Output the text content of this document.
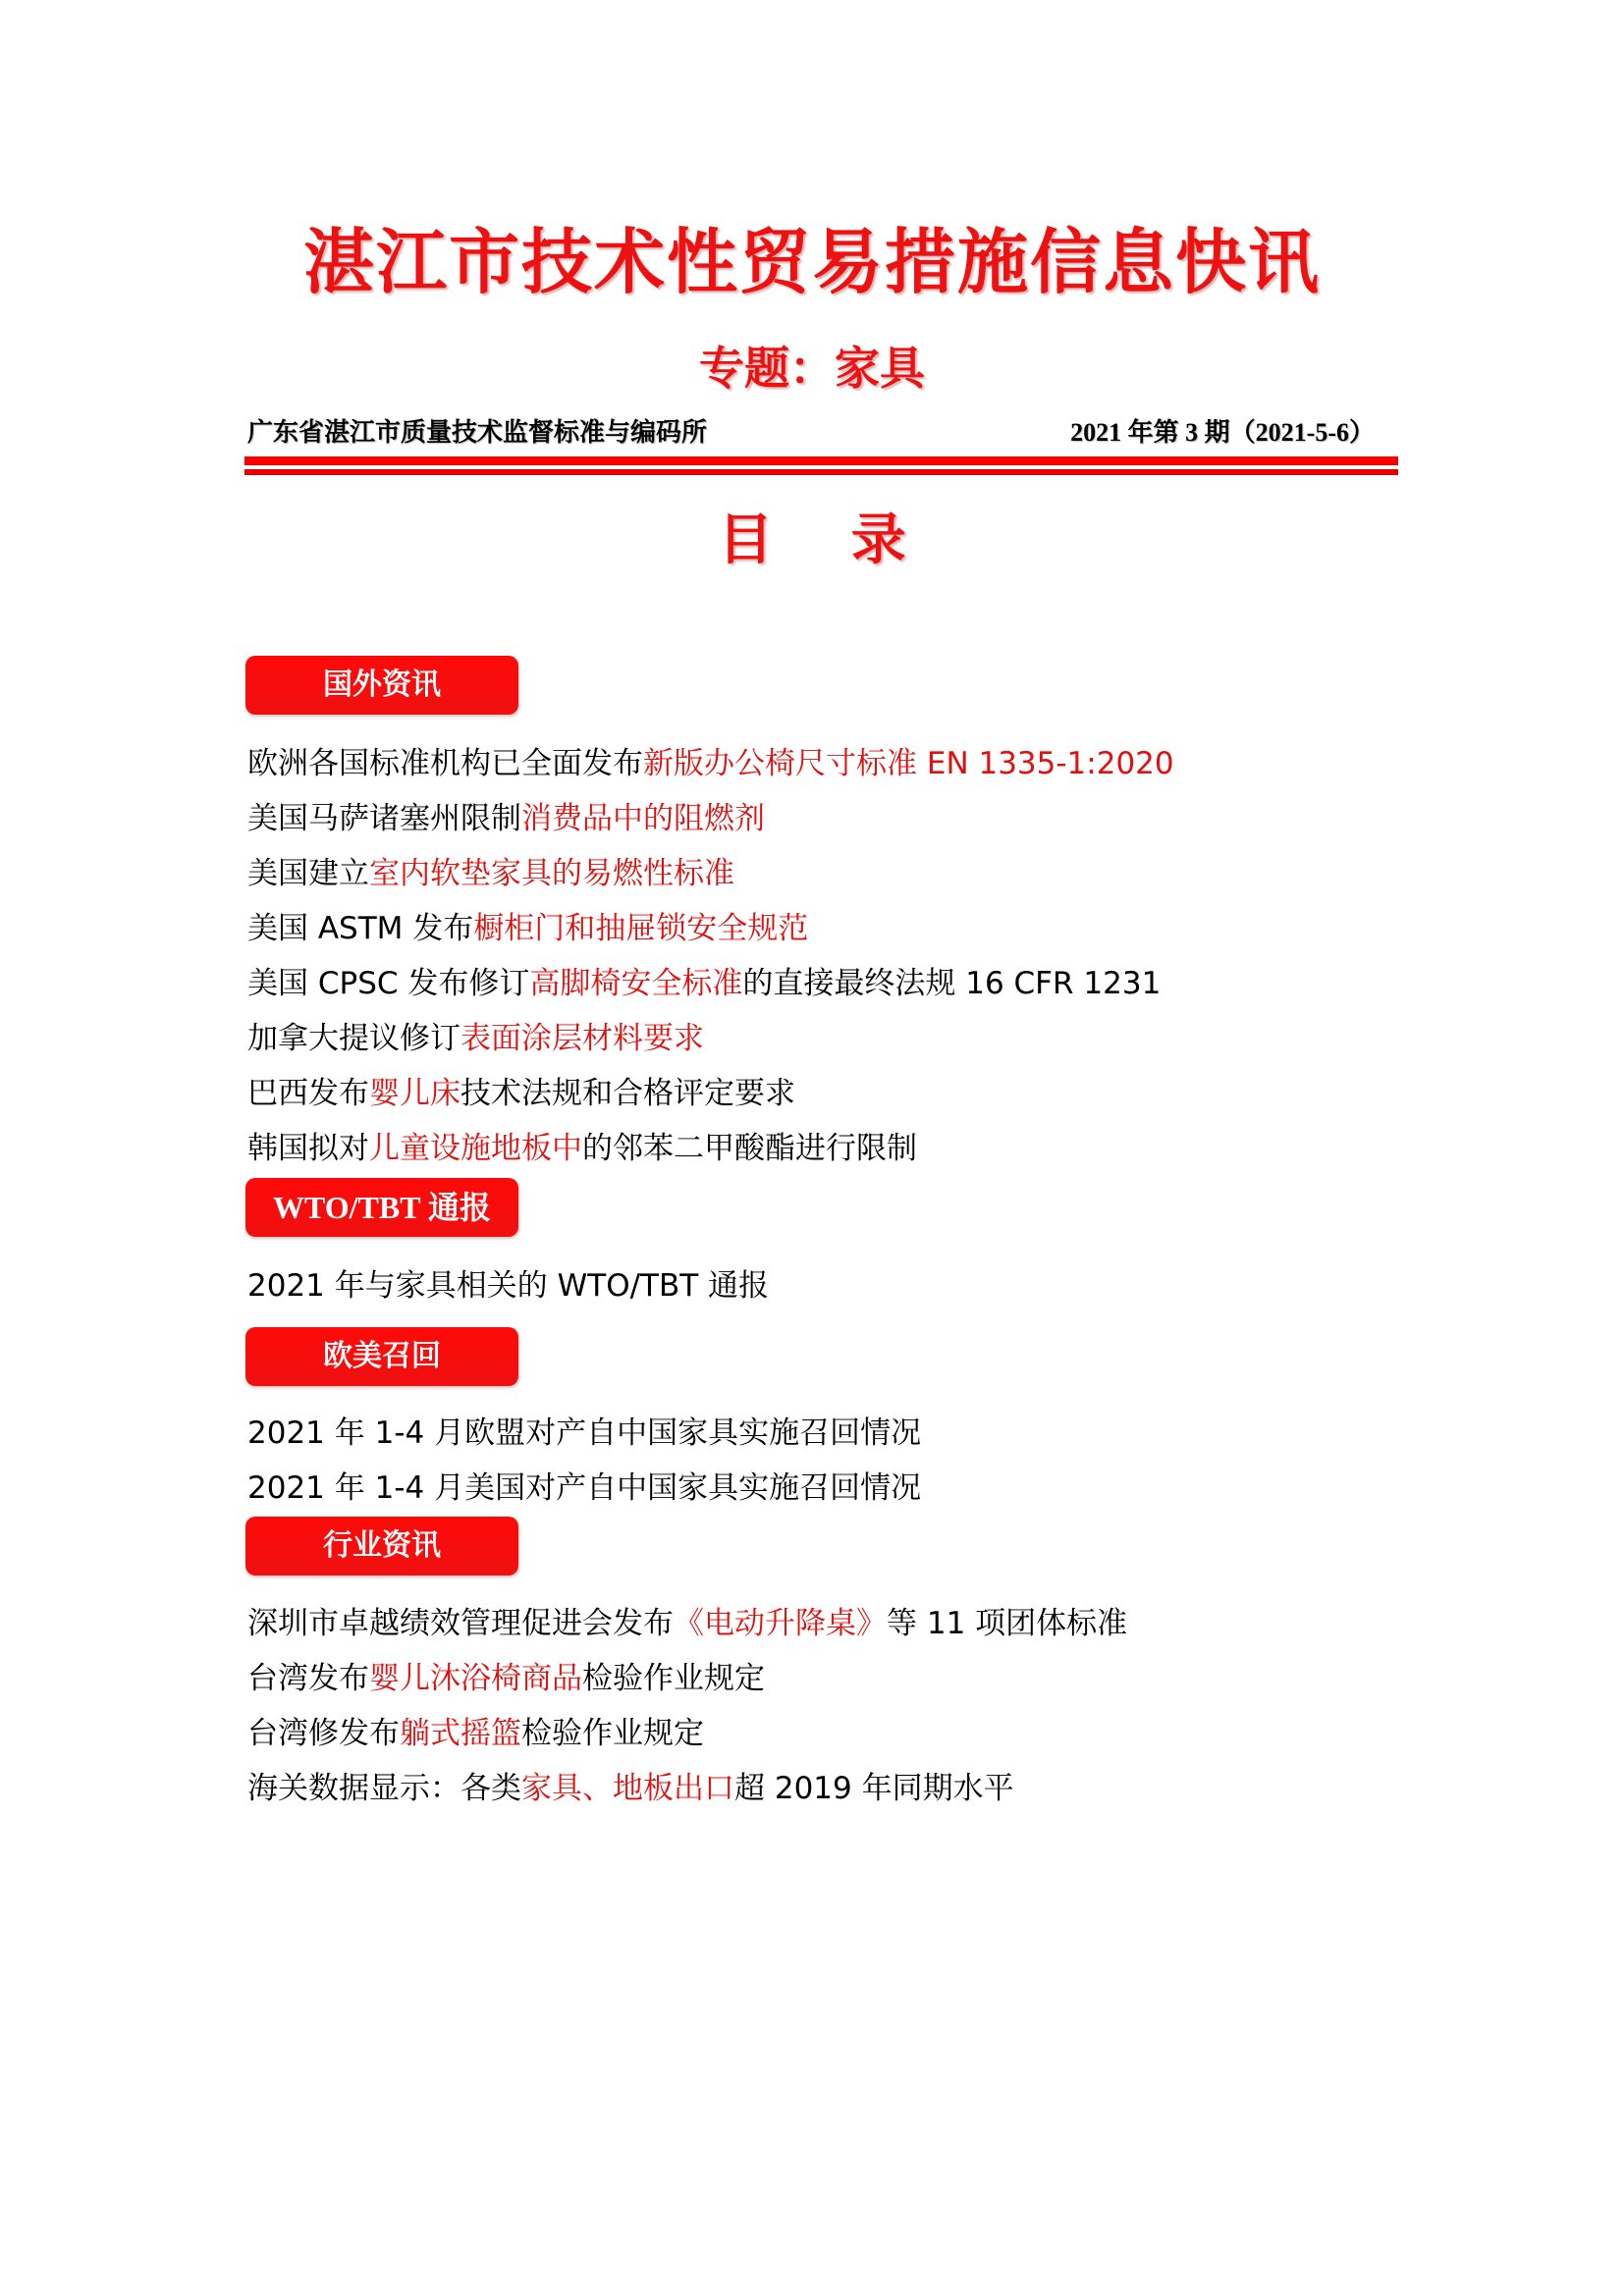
湛江市技术性贸易措施信息快讯
专题：家具
广东省湛江市质量技术监督标准与编码所	2021 年第 3 期（2021-5-6）
目 录
国外资讯
欧洲各国标准机构已全面发布新版办公椅尺寸标准 EN 1335-1:2020
美国马萨诸塞州限制消费品中的阻燃剂
美国建立室内软垫家具的易燃性标准
美国 ASTM 发布橱柜门和抽屉锁安全规范
美国 CPSC 发布修订高脚椅安全标准的直接最终法规 16 CFR 1231
加拿大提议修订表面涂层材料要求
巴西发布婴儿床技术法规和合格评定要求
韩国拟对儿童设施地板中的邻苯二甲酸酯进行限制
WTO/TBT 通报
2021 年与家具相关的 WTO/TBT 通报
欧美召回
2021 年 1-4 月欧盟对产自中国家具实施召回情况
2021 年 1-4 月美国对产自中国家具实施召回情况
行业资讯
深圳市卓越绩效管理促进会发布《电动升降桌》等 11 项团体标准
台湾发布婴儿沐浴椅商品检验作业规定
台湾修发布躺式摇篮检验作业规定
海关数据显示：各类家具、地板出口超 2019 年同期水平
